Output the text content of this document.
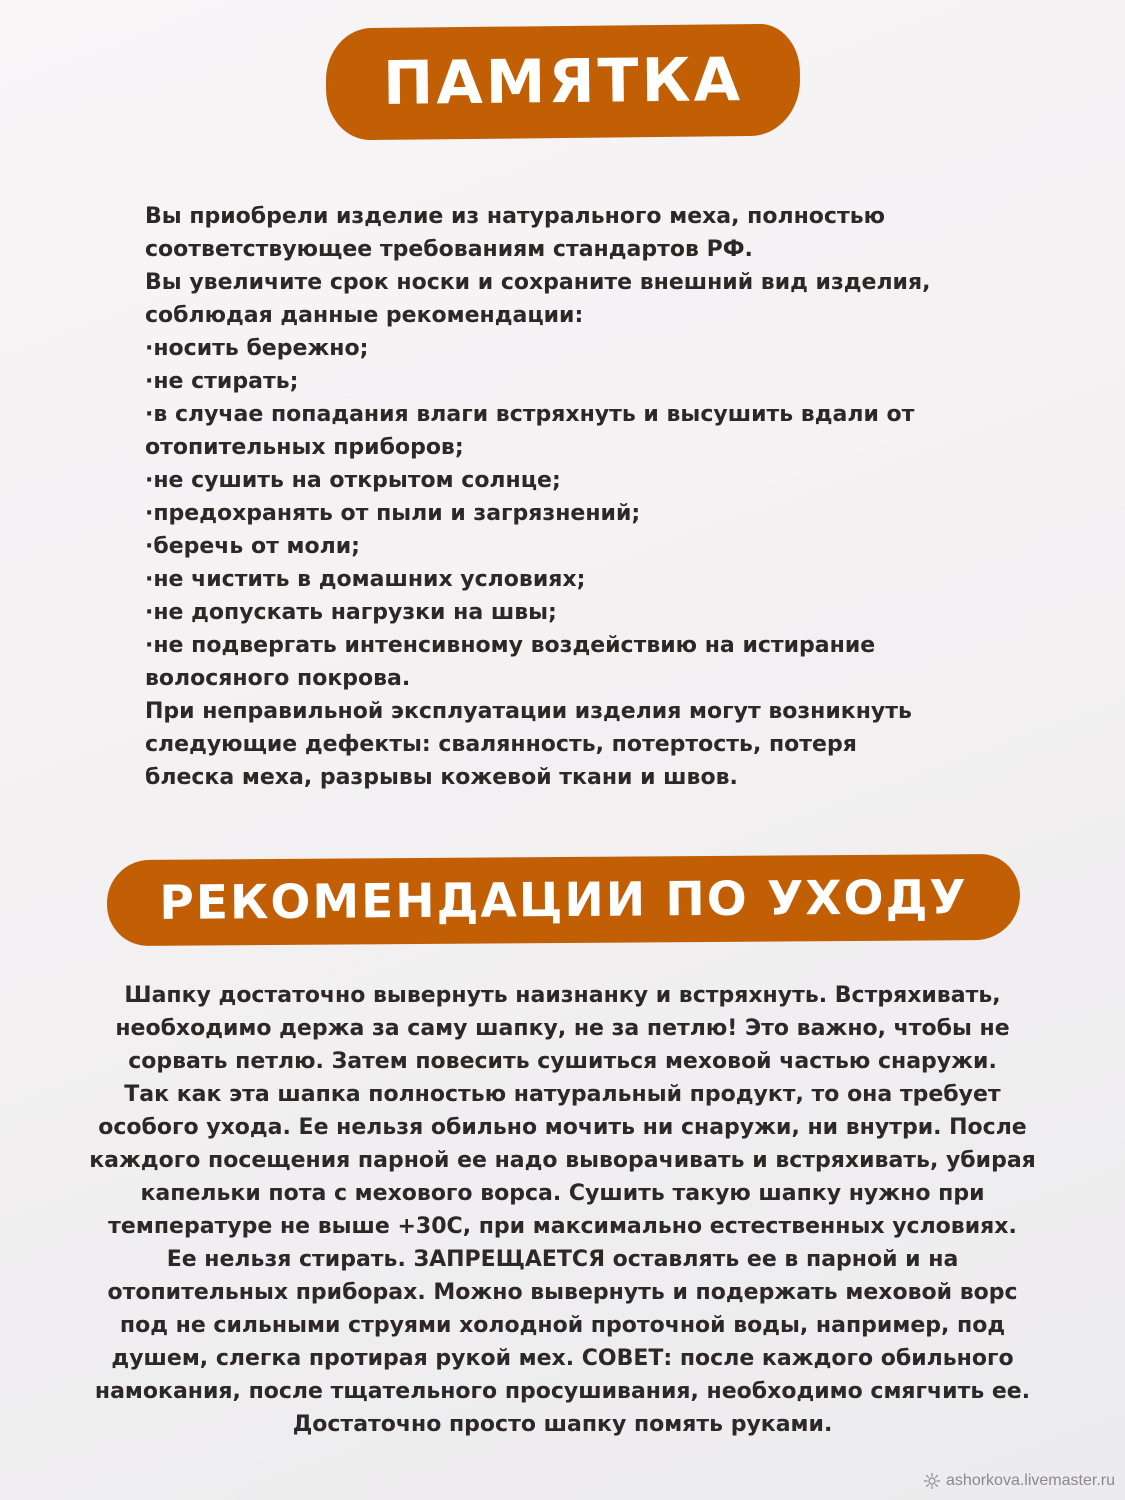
ПАМЯТКА
Вы приобрели изделие из натурального меха, полностью
соответствующее требованиям стандартов РФ.
Вы увеличите срок носки и сохраните внешний вид изделия,
соблюдая данные рекомендации:
·носить бережно;
·не стирать;
·в случае попадания влаги встряхнуть и высушить вдали от
отопительных приборов;
·не сушить на открытом солнце;
·предохранять от пыли и загрязнений;
·беречь от моли;
·не чистить в домашних условиях;
·не допускать нагрузки на швы;
·не подвергать интенсивному воздействию на истирание
волосяного покрова.
При неправильной эксплуатации изделия могут возникнуть
следующие дефекты: свалянность, потертость, потеря
блеска меха, разрывы кожевой ткани и швов.
РЕКОМЕНДАЦИИ ПО УХОДУ
Шапку достаточно вывернуть наизнанку и встряхнуть. Встряхивать,
необходимо держа за саму шапку, не за петлю! Это важно, чтобы не
сорвать петлю. Затем повесить сушиться меховой частью снаружи.
Так как эта шапка полностью натуральный продукт, то она требует
особого ухода. Ее нельзя обильно мочить ни снаружи, ни внутри. После
каждого посещения парной ее надо выворачивать и встряхивать, убирая
капельки пота с мехового ворса. Сушить такую шапку нужно при
температуре не выше +30С, при максимально естественных условиях.
Ее нельзя стирать. ЗАПРЕЩАЕТСЯ оставлять ее в парной и на
отопительных приборах. Можно вывернуть и подержать меховой ворс
под не сильными струями холодной проточной воды, например, под
душем, слегка протирая рукой мех. СОВЕТ: после каждого обильного
намокания, после тщательного просушивания, необходимо смягчить ее.
Достаточно просто шапку помять руками.
ashorkova.livemaster.ru
